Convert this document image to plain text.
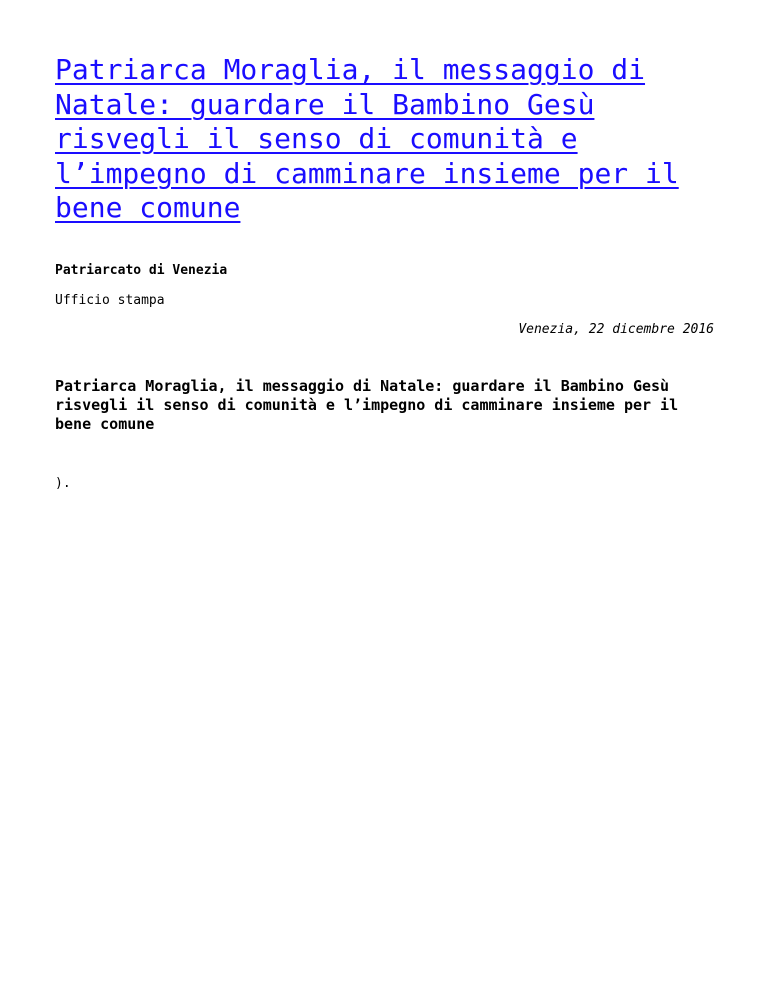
Patriarca Moraglia, il messaggio di Natale: guardare il Bambino Gesù risvegli il senso di comunità e l’impegno di camminare insieme per il bene comune

Patriarcato di Venezia

Ufficio stampa

Venezia, 22 dicembre 2016

Patriarca Moraglia, il messaggio di Natale: guardare il Bambino Gesù risvegli il senso di comunità e l’impegno di camminare insieme per il bene comune

).
